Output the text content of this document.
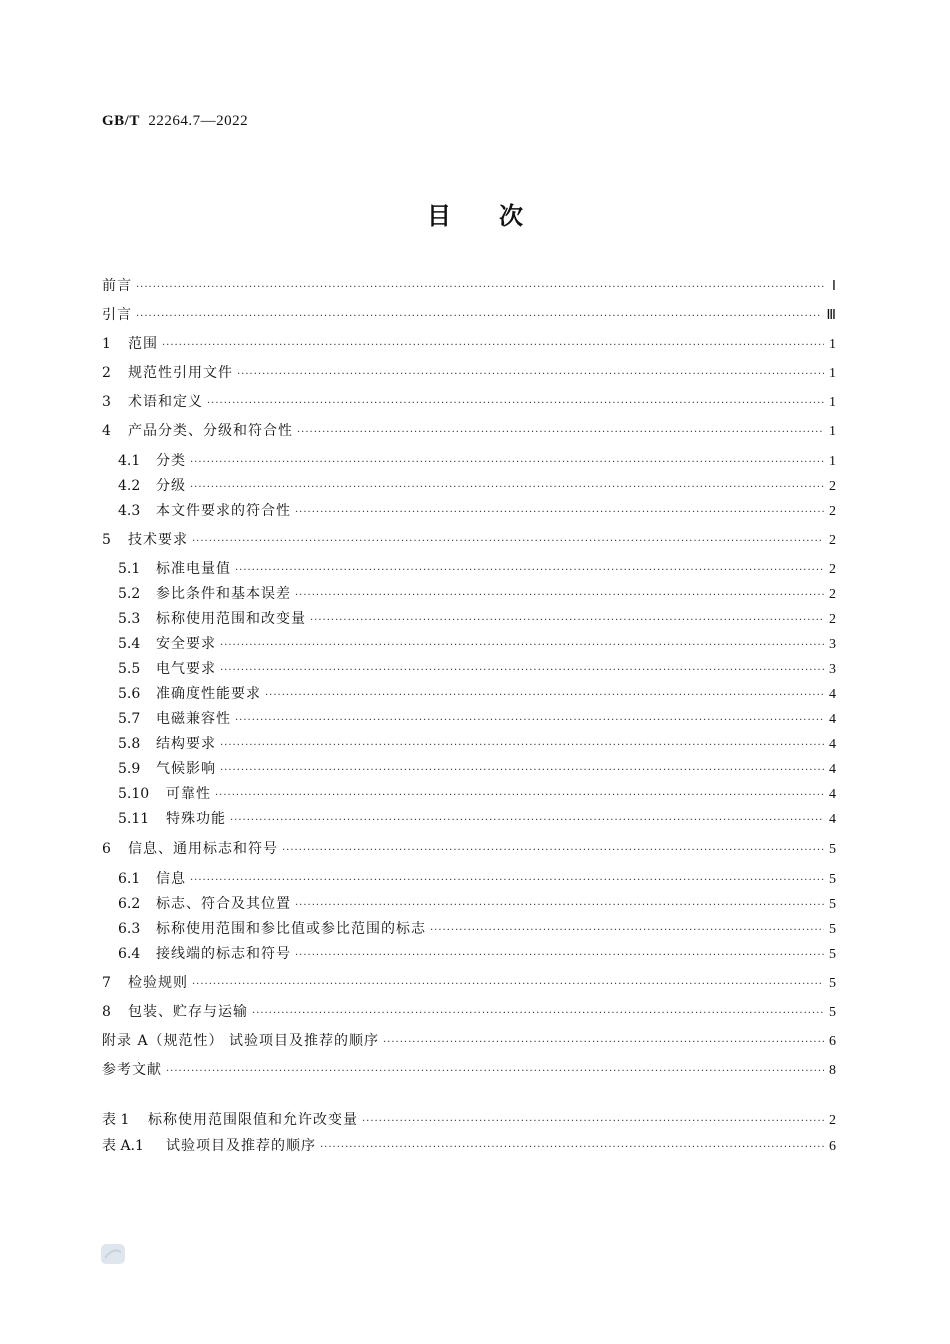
GB/T 22264.7—2022
目 次
前言 ·····	Ⅰ
引言 ·····	Ⅲ
1	范围 ·····	1
2	规范性引用文件 ·····	1
3	术语和定义 ·····	1
4	产品分类、分级和符合性 ·····	1
4.1	分类 ·····	1
4.2	分级 ·····	2
4.3	本文件要求的符合性 ·····	2
5	技术要求 ·····	2
5.1	标准电量值 ·····	2
5.2	参比条件和基本误差 ·····	2
5.3	标称使用范围和改变量 ·····	2
5.4	安全要求 ·····	3
5.5	电气要求 ·····	3
5.6	准确度性能要求 ·····	4
5.7	电磁兼容性 ·····	4
5.8	结构要求 ·····	4
5.9	气候影响 ·····	4
5.10	可靠性 ·····	4
5.11	特殊功能 ·····	4
6	信息、通用标志和符号 ·····	5
6.1	信息 ·····	5
6.2	标志、符合及其位置 ·····	5
6.3	标称使用范围和参比值或参比范围的标志 ·····	5
6.4	接线端的标志和符号 ·····	5
7	检验规则 ·····	5
8	包装、贮存与运输 ·····	5
附录 A（规范性） 试验项目及推荐的顺序 ·····	6
参考文献 ·····	8
表 1	标称使用范围限值和允许改变量 ·····	2
表 A.1	试验项目及推荐的顺序 ·····	6
